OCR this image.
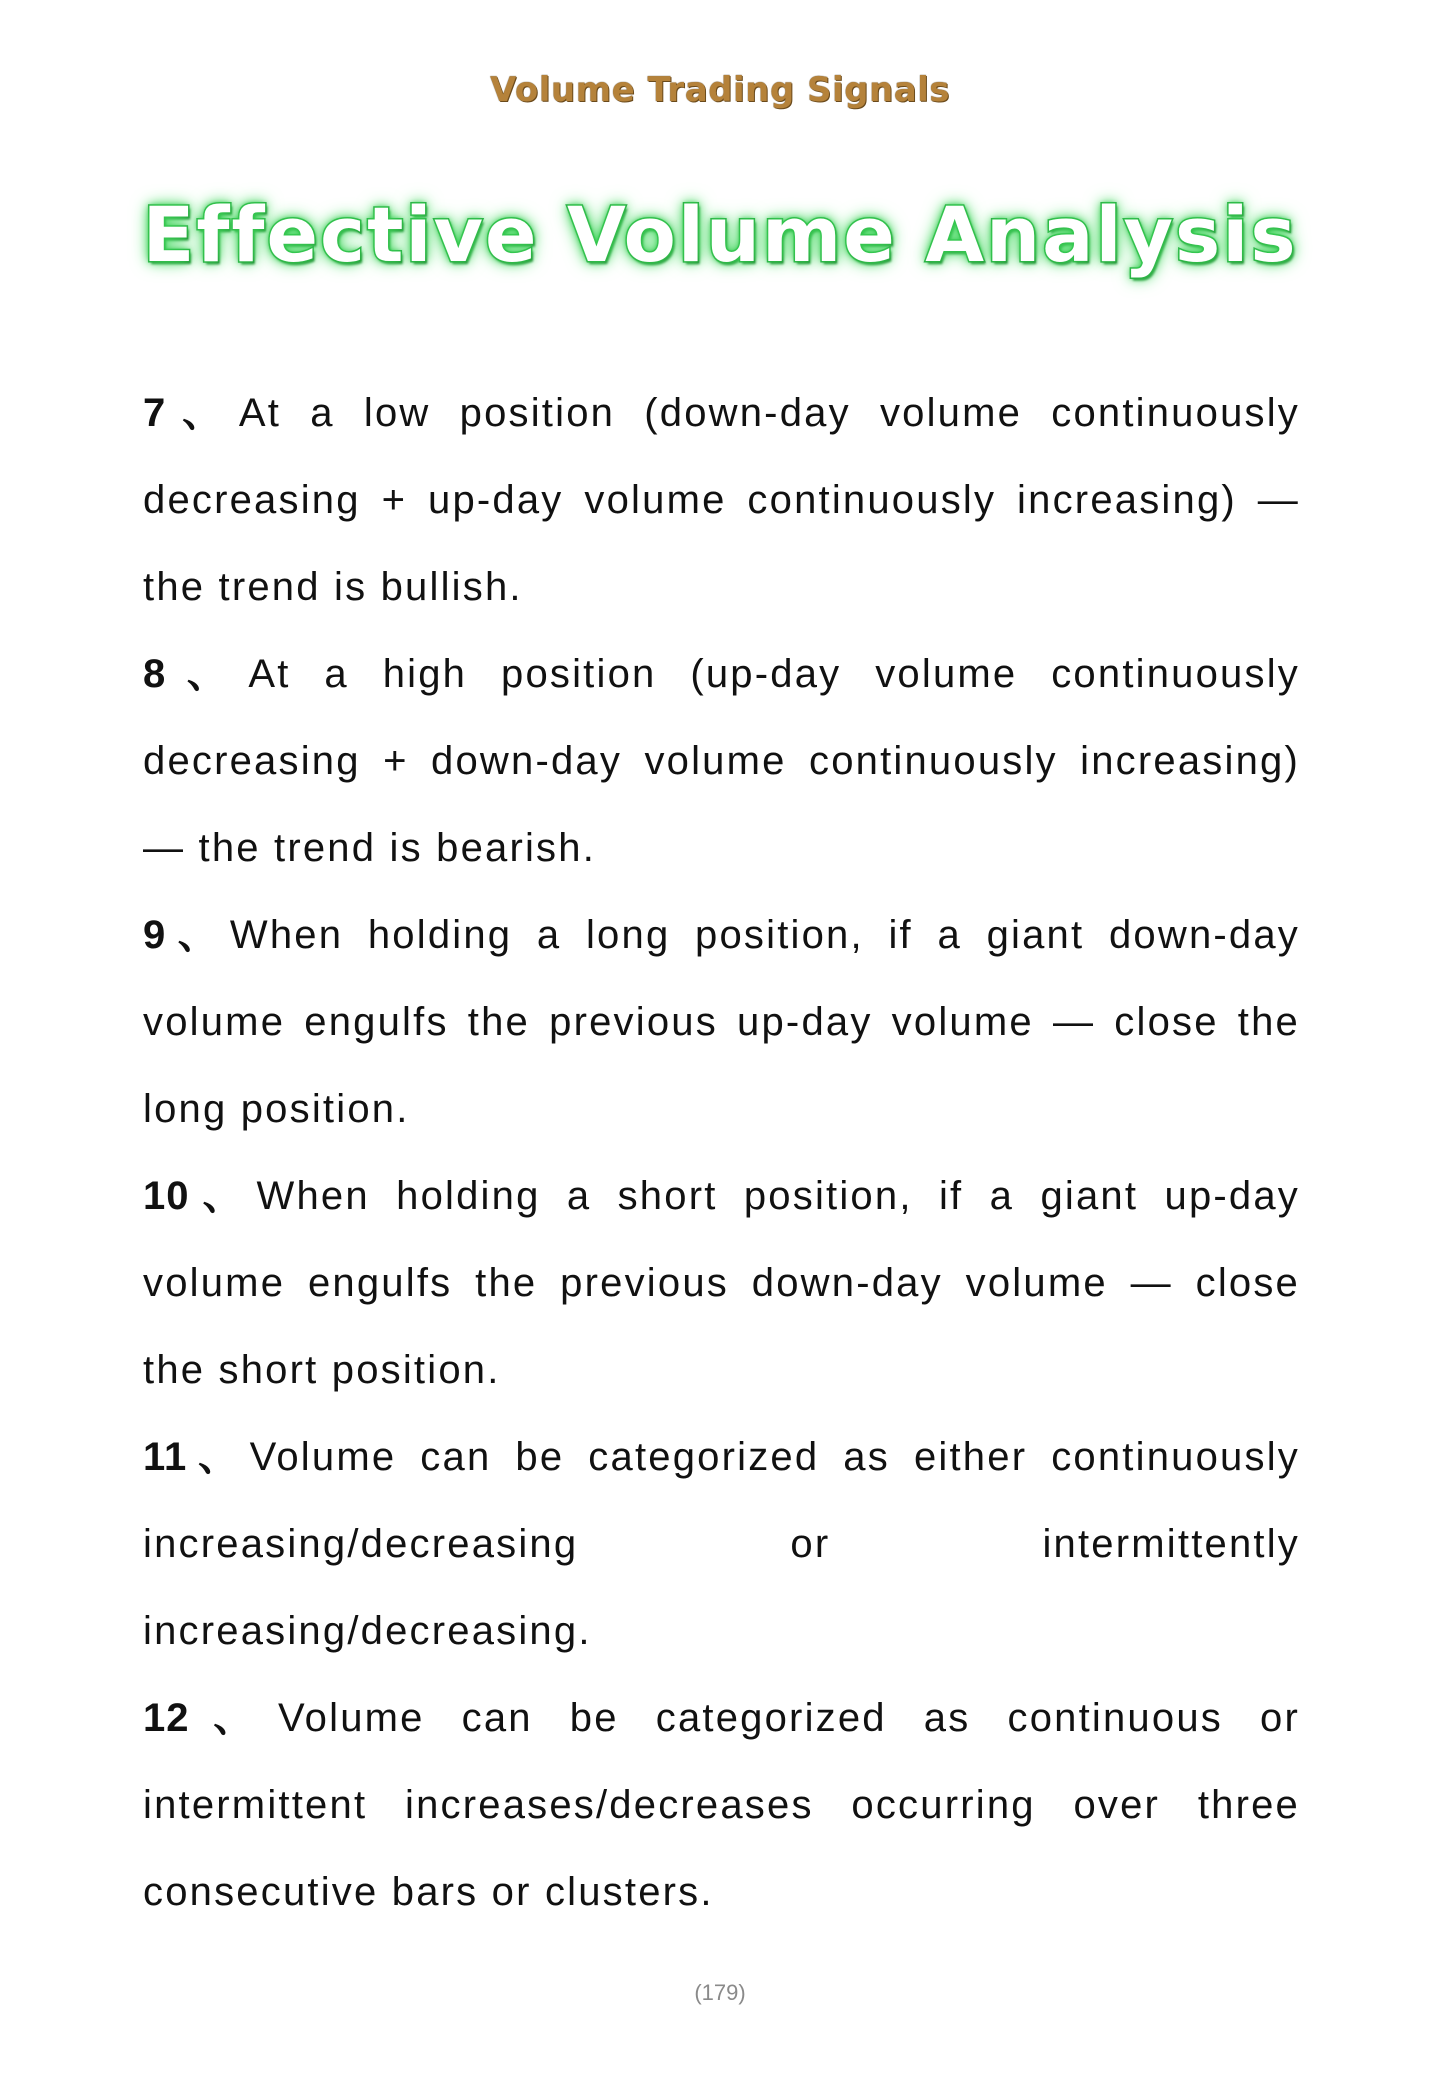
Volume Trading Signals
Effective Volume Analysis

7、At a low position (down-day volume continuously decreasing + up-day volume continuously increasing) — the trend is bullish.

8、At a high position (up-day volume continuously decreasing + down-day volume continuously increasing) — the trend is bearish.

9、When holding a long position, if a giant down-day volume engulfs the previous up-day volume — close the long position.

10、When holding a short position, if a giant up-day volume engulfs the previous down-day volume — close the short position.

11、Volume can be categorized as either continuously increasing/decreasing or intermittently increasing/decreasing.

12、Volume can be categorized as continuous or intermittent increases/decreases occurring over three consecutive bars or clusters.

(179)
